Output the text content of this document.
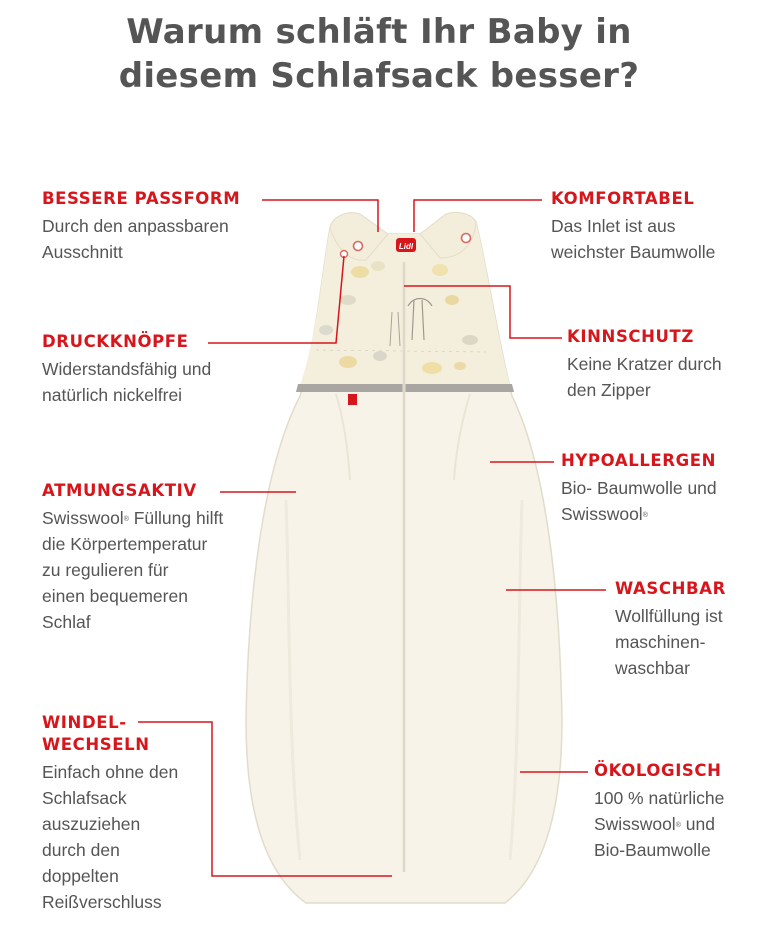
Warum schläft Ihr Baby in
diesem Schlafsack besser?
Lidl
BESSERE PASSFORM
Durch den anpassbaren
Ausschnitt
KOMFORTABEL
Das Inlet ist aus
weichster Baumwolle
DRUCKKNÖPFE
Widerstandsfähig und
natürlich nickelfrei
KINNSCHUTZ
Keine Kratzer durch
den Zipper
HYPOALLERGEN
Bio- Baumwolle und
Swisswool®
ATMUNGSAKTIV
Swisswool® Füllung hilft
die Körpertemperatur
zu regulieren für
einen bequemeren
Schlaf
WASCHBAR
Wollfüllung ist
maschinen-
waschbar
WINDEL-
WECHSELN
Einfach ohne den
Schlafsack
auszuziehen
durch den
doppelten
Reißverschluss
ÖKOLOGISCH
100 % natürliche
Swisswool® und
Bio-Baumwolle
